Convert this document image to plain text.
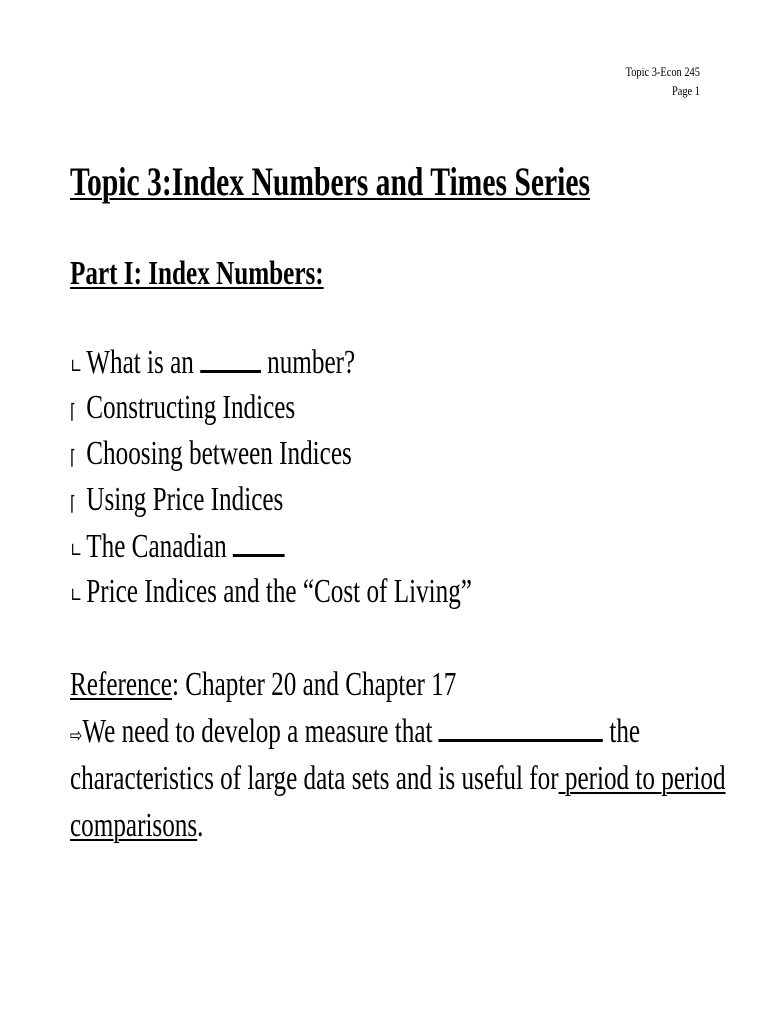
Topic 3-Econ 245
Page 1
Topic 3:Index Numbers and Times Series
Part I: Index Numbers:
∟ What is an  number?
⌈ Constructing Indices
⌈ Choosing between Indices
⌈ Using Price Indices
∟ The Canadian
∟ Price Indices and the “Cost of Living”
Reference: Chapter 20 and Chapter 17
⇨We need to develop a measure that	the
characteristics of large data sets and is useful for period to period
comparisons.
